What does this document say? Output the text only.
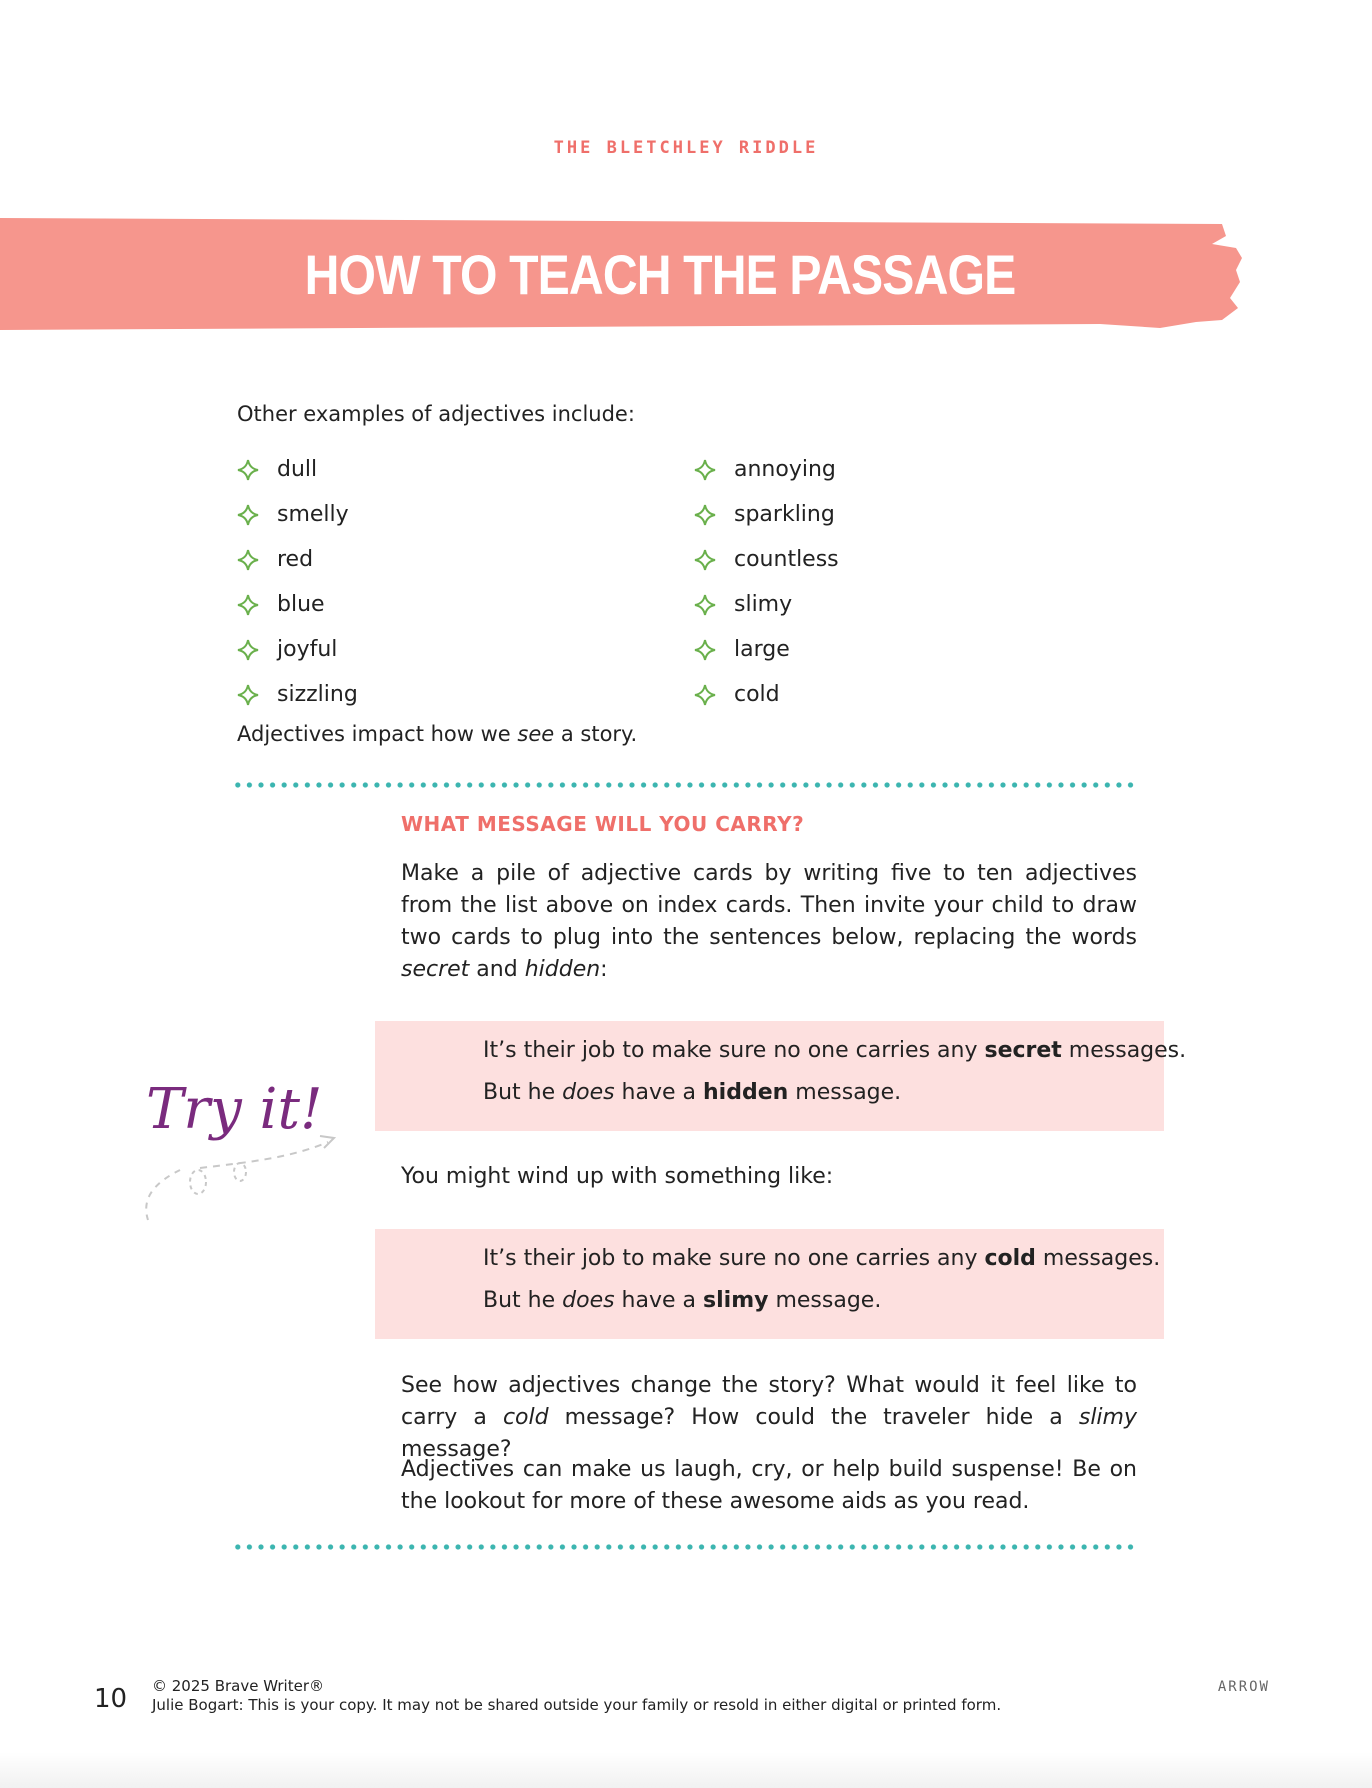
THE BLETCHLEY RIDDLE
HOW TO TEACH THE PASSAGE
Other examples of adjectives include:
dull
smelly
red
blue
joyful
sizzling
annoying
sparkling
countless
slimy
large
cold
Adjectives impact how we see a story.
WHAT MESSAGE WILL YOU CARRY?
Make a pile of adjective cards by writing five to ten adjectives from the list above on index cards. Then invite your child to draw two cards to plug into the sentences below, replacing the words secret and hidden:
It’s their job to make sure no one carries any secret messages.
But he does have a hidden message.
Try it!
You might wind up with something like:
It’s their job to make sure no one carries any cold messages.
But he does have a slimy message.
See how adjectives change the story? What would it feel like to carry a cold message? How could the traveler hide a slimy message?
Adjectives can make us laugh, cry, or help build suspense! Be on the lookout for more of these awesome aids as you read.
10 © 2025 Brave Writer®
Julie Bogart: This is your copy. It may not be shared outside your family or resold in either digital or printed form.
ARROW
